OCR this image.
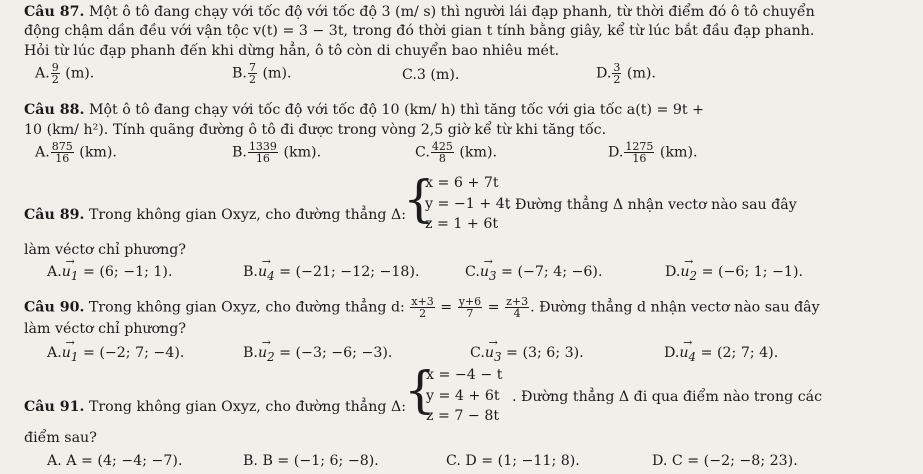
Câu 87. Một ô tô đang chạy với tốc độ với tốc độ 3 (m/ s) thì người lái đạp phanh, từ thời điểm đó ô tô chuyển
động chậm dần đều với vận tộc v(t) = 3 − 3t, trong đó thời gian t tính bằng giây, kể từ lúc bắt đầu đạp phanh.
Hỏi từ lúc đạp phanh đến khi dừng hẳn, ô tô còn di chuyển bao nhiêu mét.
A. $\frac{9}{2} (m)$.	B. $\frac{7}{2} (m)$.	C.3 (m).	D. $\frac{3}{2} (m)$.
Câu 88. Một ô tô đang chạy với tốc độ với tốc độ 10 (km/ h) thì tăng tốc với gia tốc a(t) = 9t +
10 (km/ h²). Tính quãng đường ô tô đi được trong vòng 2,5 giờ kể từ khi tăng tốc.
A. $\frac{875}{16} (km)$.	B. $\frac{1339}{16} (km)$.	C. $\frac{425}{8} (km)$.	D. $\frac{1275}{16} (km)$.
Câu 89. Trong không gian Oxyz, cho đường thẳng Δ:
{
x = 6 + 7t
y = −1 + 4t
z = 1 + 6t
. Đường thẳng Δ nhận vectơ nào sau đây
làm véctơ chỉ phương?
$A.\to u_1 = (6$; −1; 1).	$B.\to u_4 = (-21$; −12; −18).	$C.\to u_3 = (-7$; 4; −6).	$D.\to u_2 = (-6$; 1; −1).
Câu 90. Trong không gian Oxyz, cho đường thẳng d: $\frac{x+3}{2} = \frac{y+6}{7} = \frac{z+3}{4}$ . Đường thẳng d nhận vectơ nào sau đây
làm véctơ chỉ phương?
$A.\to u_1 = (-2$; 7; −4).	$B.\to u_2 = (-3$; −6; −3).	$C.\to u_3 = (3$; 6; 3).	$D.\to u_4 = (2$; 7; 4).
Câu 91. Trong không gian Oxyz, cho đường thẳng Δ:
{
x = −4 − t
y = 4 + 6t
z = 7 − 8t
. Đường thẳng Δ đi qua điểm nào trong các
điểm sau?
A. A = (4; −4; −7).	B. B = (−1; 6; −8).	C. D = (1; −11; 8).	D. C = (−2; −8; 23).
